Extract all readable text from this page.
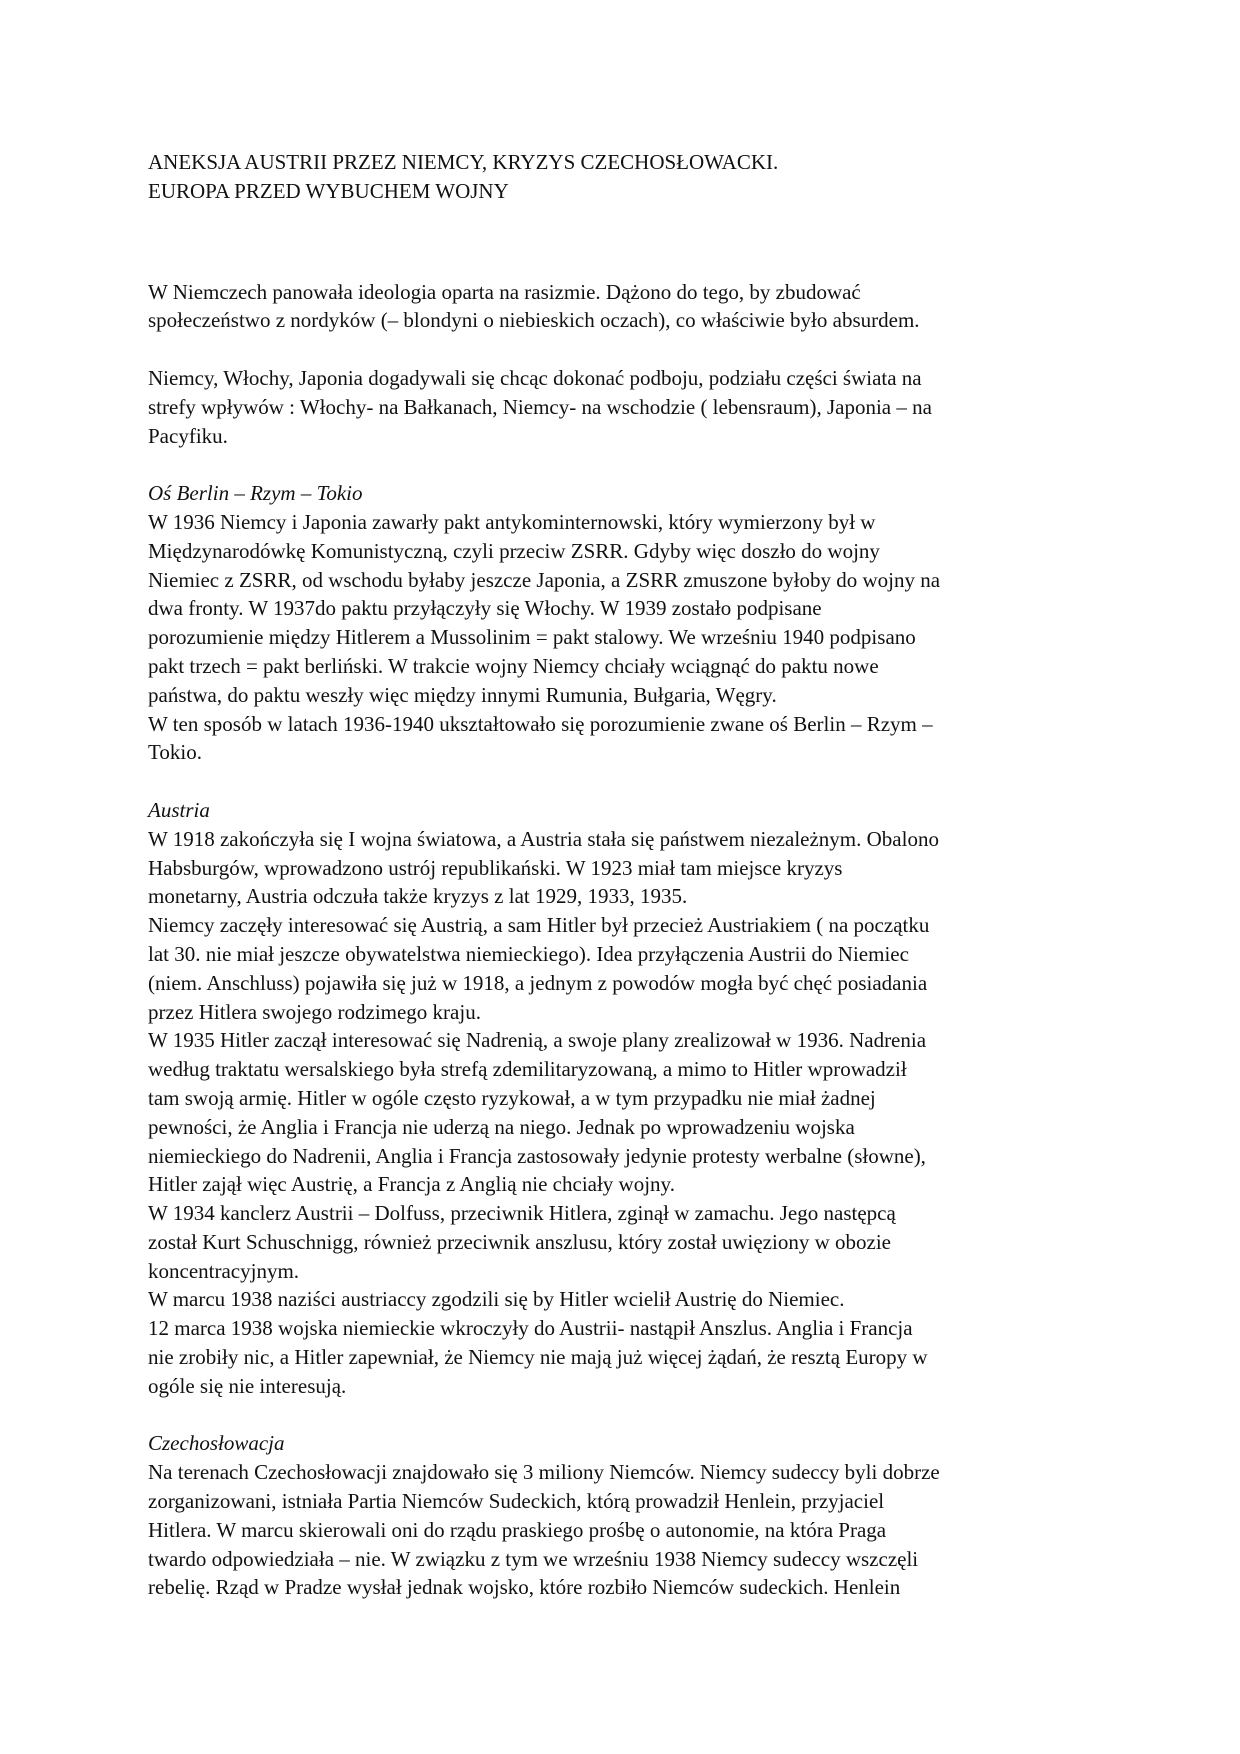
ANEKSJA AUSTRII PRZEZ NIEMCY, KRYZYS CZECHOSŁOWACKI.
EUROPA PRZED WYBUCHEM WOJNY

W Niemczech panowała ideologia oparta na rasizmie. Dążono do tego, by zbudować
społeczeństwo z nordyków (– blondyni o niebieskich oczach), co właściwie było absurdem.

Niemcy, Włochy, Japonia dogadywali się chcąc dokonać podboju, podziału części świata na
strefy wpływów : Włochy- na Bałkanach, Niemcy- na wschodzie ( lebensraum), Japonia – na
Pacyfiku.

Oś Berlin – Rzym – Tokio

W 1936 Niemcy i Japonia zawarły pakt antykominternowski, który wymierzony był w
Międzynarodówkę Komunistyczną, czyli przeciw ZSRR. Gdyby więc doszło do wojny
Niemiec z ZSRR, od wschodu byłaby jeszcze Japonia, a ZSRR zmuszone byłoby do wojny na
dwa fronty. W 1937do paktu przyłączyły się Włochy. W 1939 zostało podpisane
porozumienie między Hitlerem a Mussolinim = pakt stalowy. We wrześniu 1940 podpisano
pakt trzech = pakt berliński. W trakcie wojny Niemcy chciały wciągnąć do paktu nowe
państwa, do paktu weszły więc między innymi Rumunia, Bułgaria, Węgry.

W ten sposób w latach 1936-1940 ukształtowało się porozumienie zwane oś Berlin – Rzym –
Tokio.

Austria

W 1918 zakończyła się I wojna światowa, a Austria stała się państwem niezależnym. Obalono
Habsburgów, wprowadzono ustrój republikański. W 1923 miał tam miejsce kryzys
monetarny, Austria odczuła także kryzys z lat 1929, 1933, 1935.

Niemcy zaczęły interesować się Austrią, a sam Hitler był przecież Austriakiem ( na początku
lat 30. nie miał jeszcze obywatelstwa niemieckiego). Idea przyłączenia Austrii do Niemiec
(niem. Anschluss) pojawiła się już w 1918, a jednym z powodów mogła być chęć posiadania
przez Hitlera swojego rodzimego kraju.

W 1935 Hitler zaczął interesować się Nadrenią, a swoje plany zrealizował w 1936. Nadrenia
według traktatu wersalskiego była strefą zdemilitaryzowaną, a mimo to Hitler wprowadził
tam swoją armię. Hitler w ogóle często ryzykował, a w tym przypadku nie miał żadnej
pewności, że Anglia i Francja nie uderzą na niego. Jednak po wprowadzeniu wojska
niemieckiego do Nadrenii, Anglia i Francja zastosowały jedynie protesty werbalne (słowne),
Hitler zajął więc Austrię, a Francja z Anglią nie chciały wojny.

W 1934 kanclerz Austrii – Dolfuss, przeciwnik Hitlera, zginął w zamachu. Jego następcą
został Kurt Schuschnigg, również przeciwnik anszlusu, który został uwięziony w obozie
koncentracyjnym.

W marcu 1938 naziści austriaccy zgodzili się by Hitler wcielił Austrię do Niemiec.

12 marca 1938 wojska niemieckie wkroczyły do Austrii- nastąpił Anszlus. Anglia i Francja
nie zrobiły nic, a Hitler zapewniał, że Niemcy nie mają już więcej żądań, że resztą Europy w
ogóle się nie interesują.

Czechosłowacja

Na terenach Czechosłowacji znajdowało się 3 miliony Niemców. Niemcy sudeccy byli dobrze
zorganizowani, istniała Partia Niemców Sudeckich, którą prowadził Henlein, przyjaciel
Hitlera. W marcu skierowali oni do rządu praskiego prośbę o autonomie, na która Praga
twardo odpowiedziała – nie. W związku z tym we wrześniu 1938 Niemcy sudeccy wszczęli
rebelię. Rząd w Pradze wysłał jednak wojsko, które rozbiło Niemców sudeckich. Henlein
